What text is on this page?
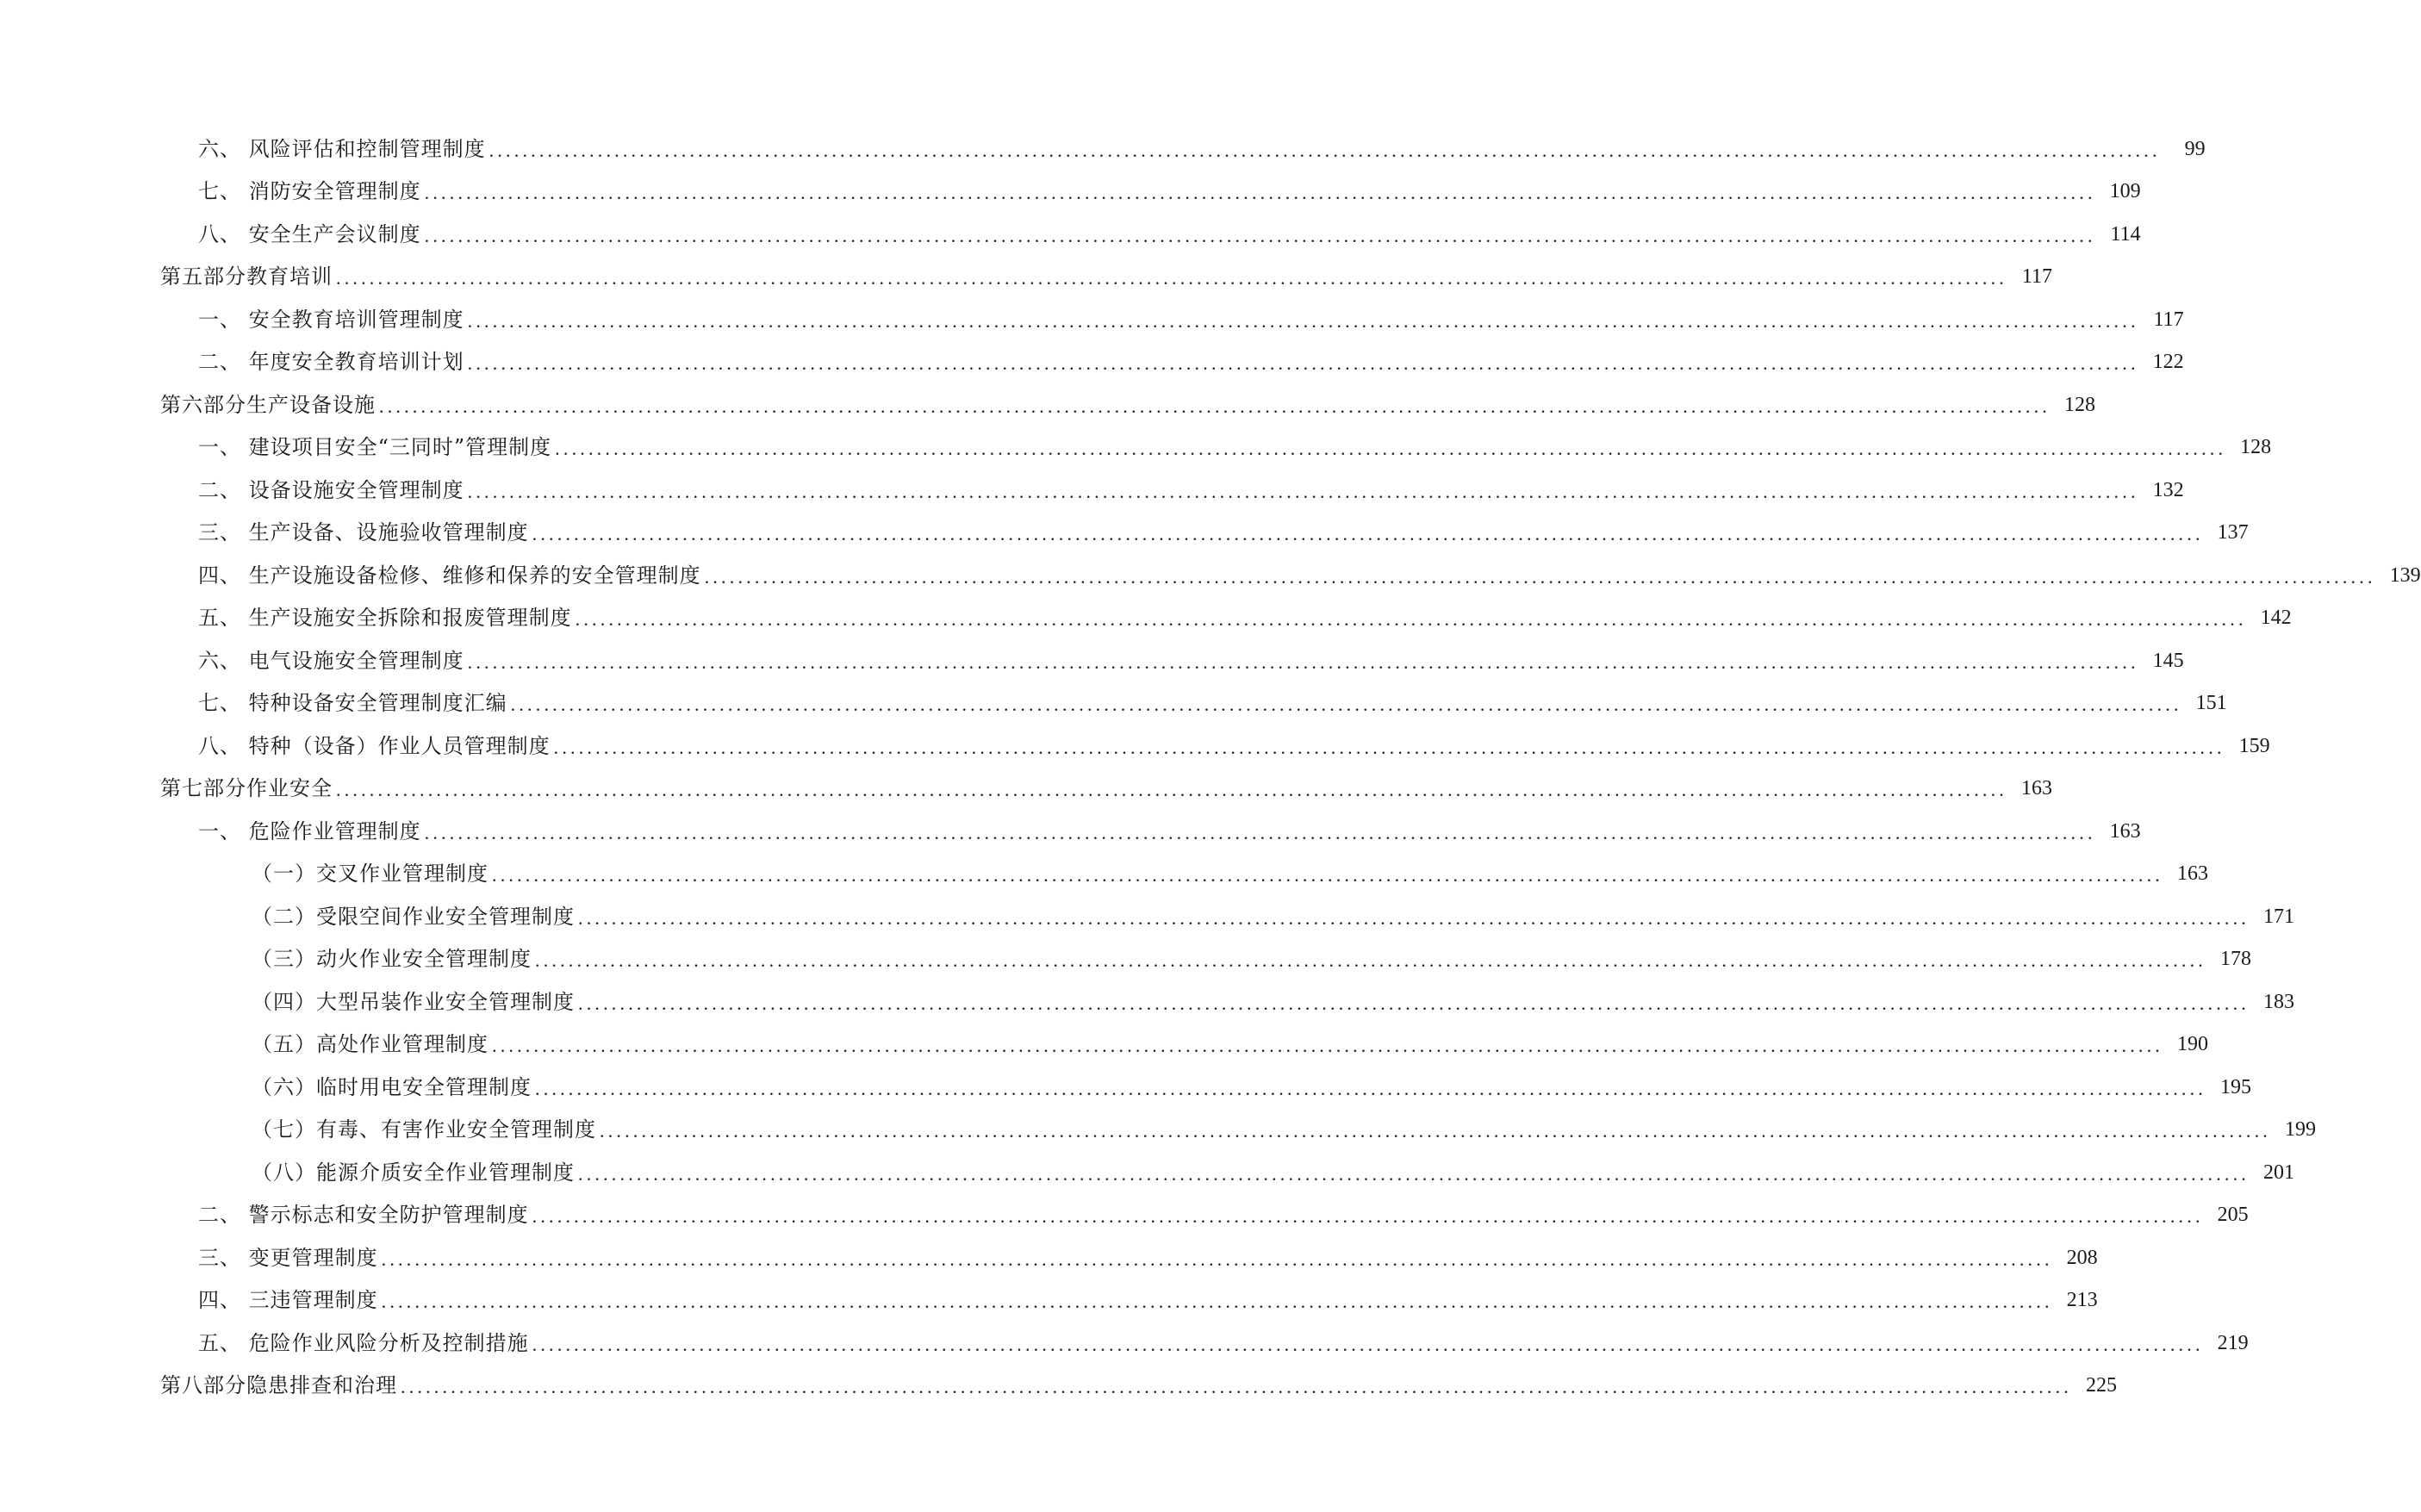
六、 风险评估和控制管理制度 ........................................................................................................................................................................................................	99
七、 消防安全管理制度 ........................................................................................................................................................................................................ 109
八、 安全生产会议制度 ........................................................................................................................................................................................................ 114
第五部分教育培训 ........................................................................................................................................................................................................ 117
一、 安全教育培训管理制度 ........................................................................................................................................................................................................ 117
二、 年度安全教育培训计划 ........................................................................................................................................................................................................ 122
第六部分生产设备设施 ........................................................................................................................................................................................................ 128
一、 建设项目安全“三同时”管理制度 ........................................................................................................................................................................................................ 128
二、 设备设施安全管理制度 ........................................................................................................................................................................................................ 132
三、 生产设备、设施验收管理制度 ........................................................................................................................................................................................................ 137
四、 生产设施设备检修、维修和保养的安全管理制度 ........................................................................................................................................................................................................ 139
五、 生产设施安全拆除和报废管理制度 ........................................................................................................................................................................................................ 142
六、 电气设施安全管理制度 ........................................................................................................................................................................................................ 145
七、 特种设备安全管理制度汇编 ........................................................................................................................................................................................................ 151
八、 特种（设备）作业人员管理制度 ........................................................................................................................................................................................................ 159
第七部分作业安全 ........................................................................................................................................................................................................ 163
一、 危险作业管理制度 ........................................................................................................................................................................................................ 163
（一）交叉作业管理制度 ........................................................................................................................................................................................................ 163
（二）受限空间作业安全管理制度 ........................................................................................................................................................................................................ 171
（三）动火作业安全管理制度 ........................................................................................................................................................................................................ 178
（四）大型吊装作业安全管理制度 ........................................................................................................................................................................................................ 183
（五）高处作业管理制度 ........................................................................................................................................................................................................ 190
（六）临时用电安全管理制度 ........................................................................................................................................................................................................ 195
（七）有毒、有害作业安全管理制度 ........................................................................................................................................................................................................ 199
（八）能源介质安全作业管理制度 ........................................................................................................................................................................................................ 201
二、 警示标志和安全防护管理制度 ........................................................................................................................................................................................................ 205
三、 变更管理制度 ........................................................................................................................................................................................................ 208
四、 三违管理制度 ........................................................................................................................................................................................................ 213
五、 危险作业风险分析及控制措施 ........................................................................................................................................................................................................ 219
第八部分隐患排查和治理 ........................................................................................................................................................................................................ 225
